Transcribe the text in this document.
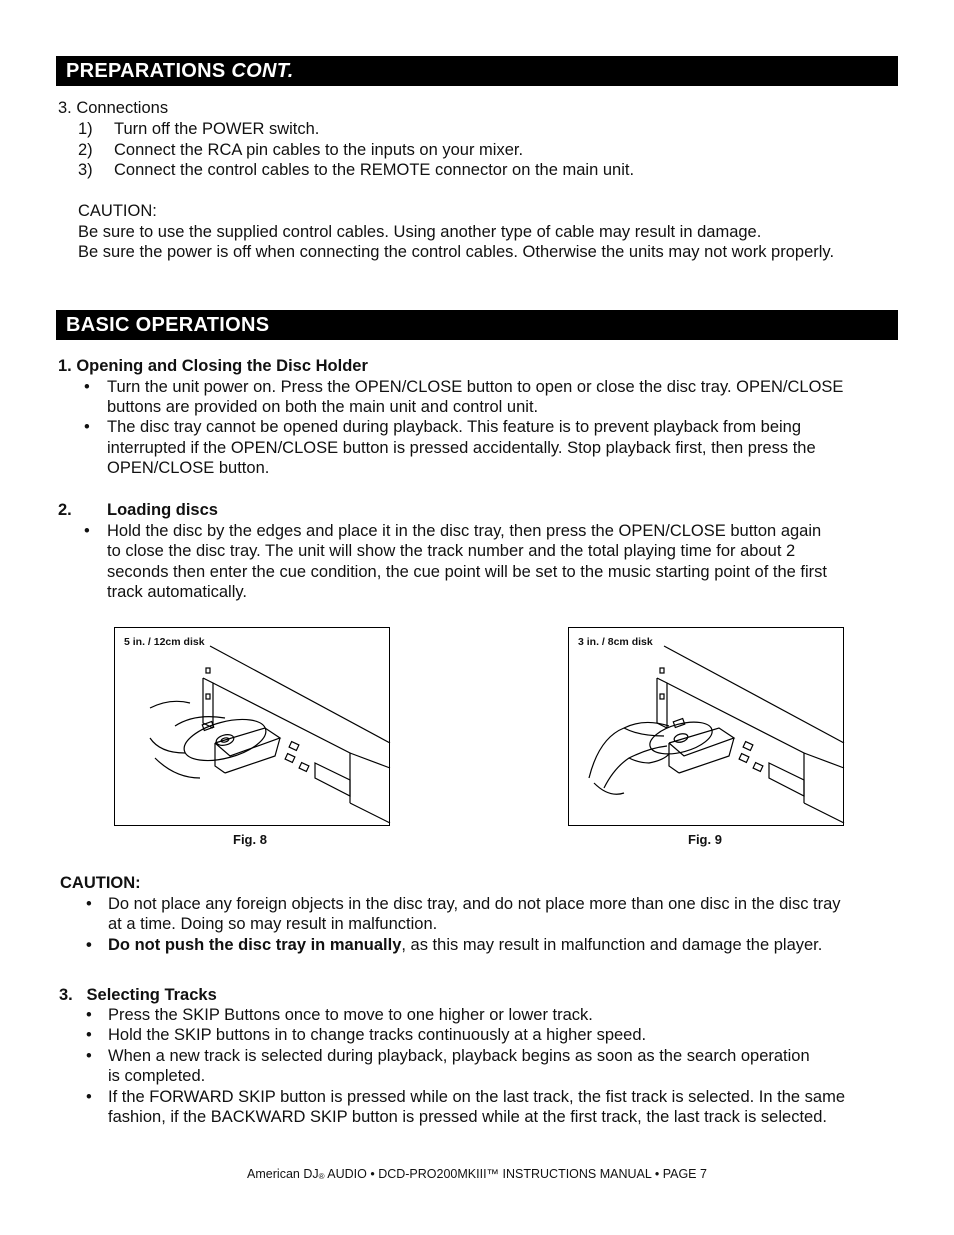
PREPARATIONS CONT.
3. Connections
1) Turn off the POWER switch.
2) Connect the RCA pin cables to the inputs on your mixer.
3) Connect the control cables to the REMOTE connector on the main unit.
CAUTION:
Be sure to use the supplied control cables. Using another type of cable may result in damage.
Be sure the power is off when connecting the control cables. Otherwise the units may not work properly.
BASIC OPERATIONS
1. Opening and Closing the Disc Holder
• Turn the unit power on. Press the OPEN/CLOSE button to open or close the disc tray. OPEN/CLOSE
buttons are provided on both the main unit and control unit.
• The disc tray cannot be opened during playback. This feature is to prevent playback from being
interrupted if the OPEN/CLOSE button is pressed accidentally. Stop playback first, then press the
OPEN/CLOSE button.
2. Loading discs
• Hold the disc by the edges and place it in the disc tray, then press the OPEN/CLOSE button again
to close the disc tray. The unit will show the track number and the total playing time for about 2
seconds then enter the cue condition, the cue point will be set to the music starting point of the first
track automatically.
5 in. / 12cm disk
Fig. 8
3 in. / 8cm disk
Fig. 9
CAUTION:
• Do not place any foreign objects in the disc tray, and do not place more than one disc in the disc tray
at a time. Doing so may result in malfunction.
• Do not push the disc tray in manually, as this may result in malfunction and damage the player.
3.   Selecting Tracks
• Press the SKIP Buttons once to move to one higher or lower track.
• Hold the SKIP buttons in to change tracks continuously at a higher speed.
• When a new track is selected during playback, playback begins as soon as the search operation
is completed.
• If the FORWARD SKIP button is pressed while on the last track, the fist track is selected. In the same
fashion, if the BACKWARD SKIP button is pressed while at the first track, the last track is selected.
American $DJ_®$ AUDIO • DCD-PRO200MKIII™ INSTRUCTIONS MANUAL • PAGE 7
